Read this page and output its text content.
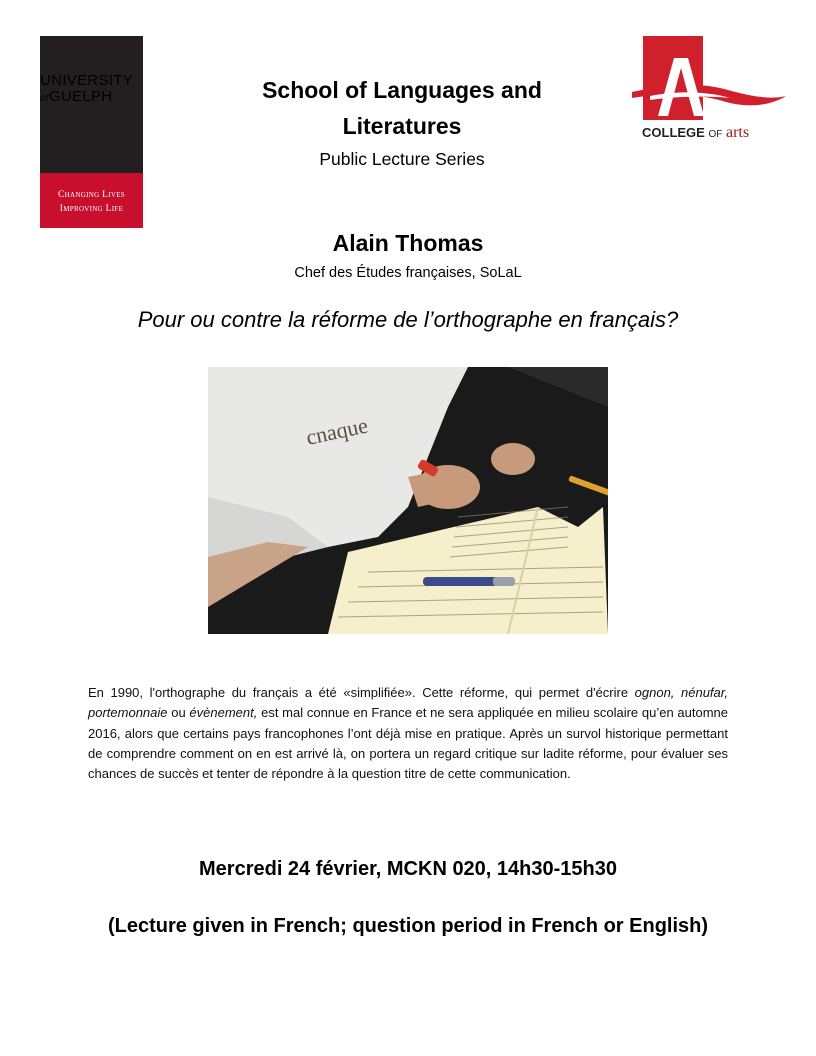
UNIVERSITY
ofGUELPH
Changing Lives
Improving Life
COLLEGE OF arts
School of Languages and
Literatures
Public Lecture Series
Alain Thomas
Chef des Études françaises, SoLaL
Pour ou contre la réforme de l’orthographe en français?
cnaque

En 1990, l'orthographe du français a été «simplifiée». Cette réforme, qui permet d'écrire ognon, nénufar, portemonnaie ou évènement, est mal connue en France et ne sera appliquée en milieu scolaire qu’en automne 2016, alors que certains pays francophones l’ont déjà mise en pratique. Après un survol historique permettant de comprendre comment on en est arrivé là, on portera un regard critique sur ladite réforme, pour évaluer ses chances de succès et tenter de répondre à la question titre de cette communication.

Mercredi 24 février, MCKN 020, 14h30-15h30
(Lecture given in French; question period in French or English)
